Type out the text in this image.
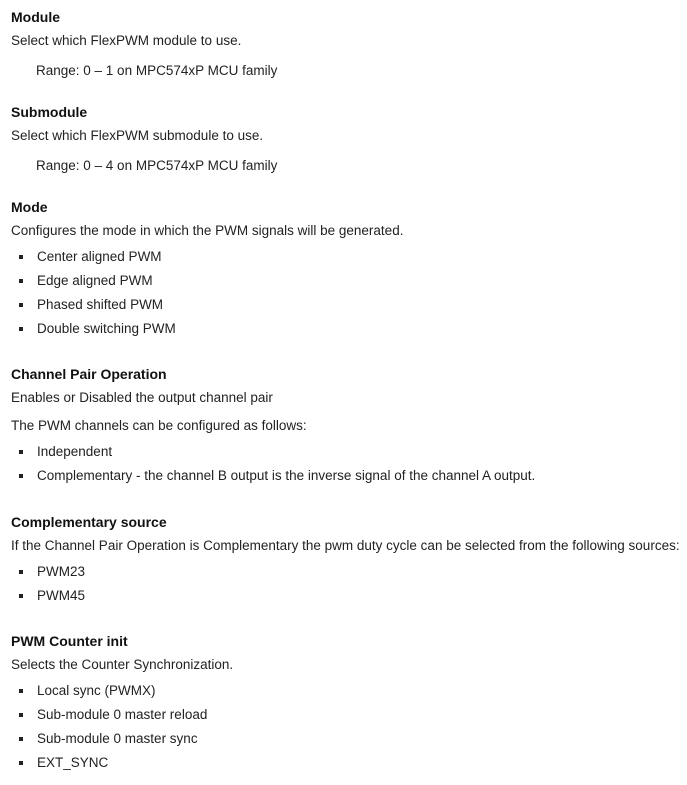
Module

Select which FlexPWM module to use.

Range: 0 – 1 on MPC574xP MCU family

Submodule

Select which FlexPWM submodule to use.

Range: 0 – 4 on MPC574xP MCU family

Mode

Configures the mode in which the PWM signals will be generated.

Center aligned PWM
Edge aligned PWM
Phased shifted PWM
Double switching PWM
Channel Pair Operation

Enables or Disabled the output channel pair

The PWM channels can be configured as follows:

Independent
Complementary - the channel B output is the inverse signal of the channel A output.
Complementary source

If the Channel Pair Operation is Complementary the pwm duty cycle can be selected from the following sources:

PWM23
PWM45
PWM Counter init

Selects the Counter Synchronization.

Local sync (PWMX)
Sub-module 0 master reload
Sub-module 0 master sync
EXT_SYNC
